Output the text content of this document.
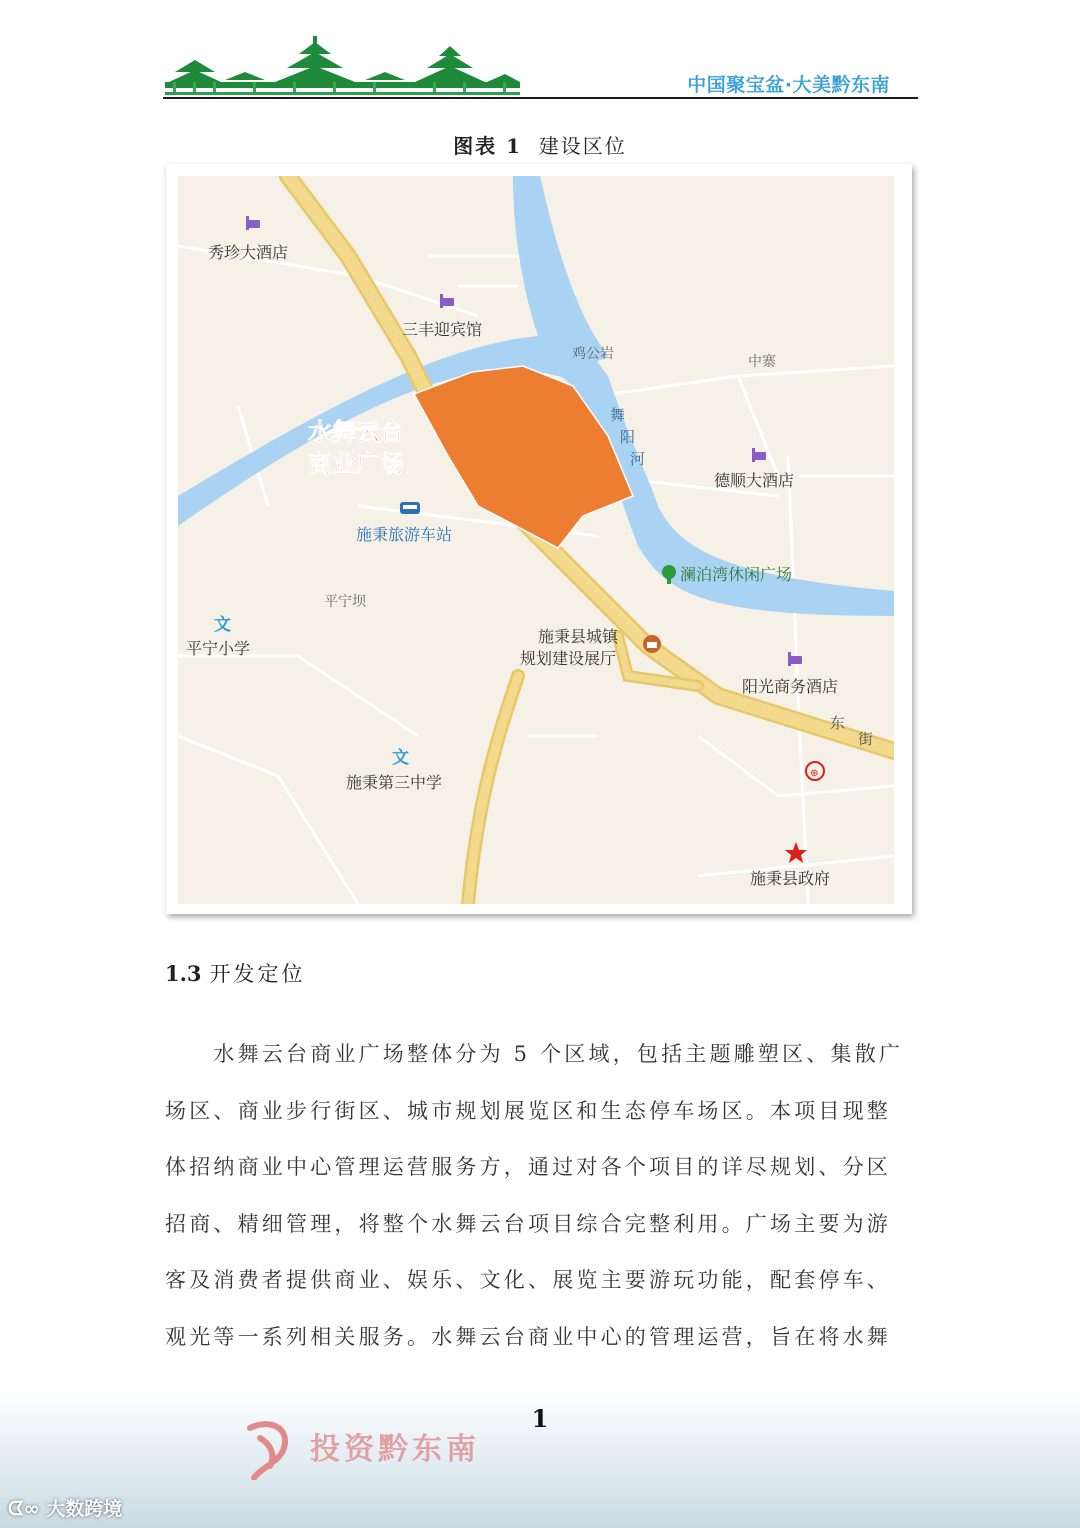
中国聚宝盆·大美黔东南
图表 1 建设区位
文
文
⊕
秀珍大酒店
三丰迎宾馆
鸡公岩	中寨
舞
阳
河
德顺大酒店
水舞云台
商业广场
施秉旅游车站
澜泊湾休闲广场
平宁坝
平宁小学
施秉县城镇
规划建设展厅
阳光商务酒店
东
街
施秉第三中学
施秉县政府
1.3 开发定位

　　水舞云台商业广场整体分为 5 个区域，包括主题雕塑区、集散广
场区、商业步行街区、城市规划展览区和生态停车场区。本项目现整
体招纳商业中心管理运营服务方，通过对各个项目的详尽规划、分区
招商、精细管理，将整个水舞云台项目综合完整利用。广场主要为游
客及消费者提供商业、娱乐、文化、展览主要游玩功能，配套停车、
观光等一系列相关服务。水舞云台商业中心的管理运营，旨在将水舞

投资黔东南
1
ᗧ∞ 大数跨境
